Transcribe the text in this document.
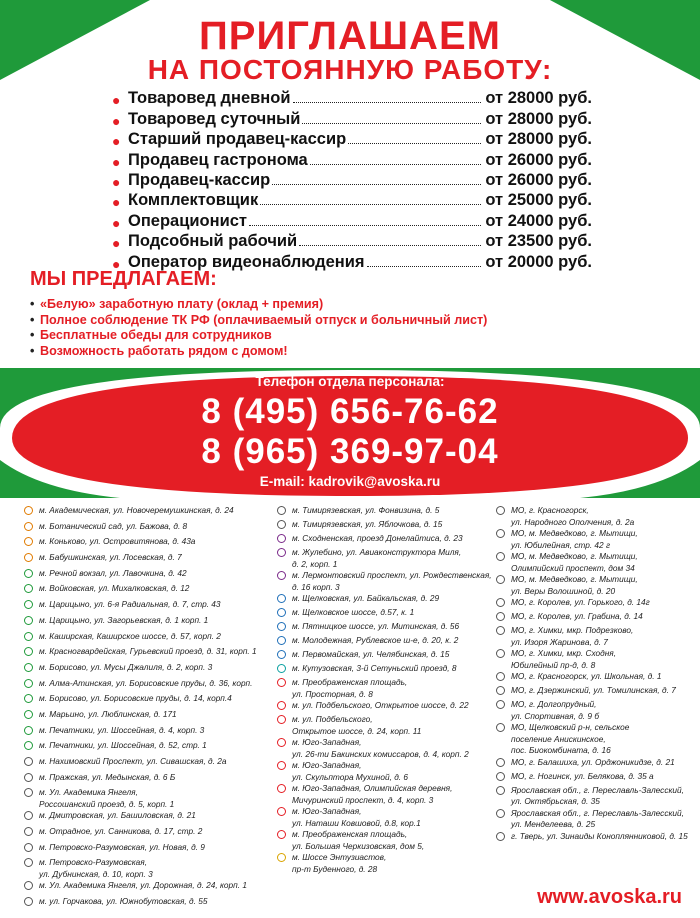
ПРИГЛАШАЕМ
НА ПОСТОЯННУЮ РАБОТУ:
● Товаровед дневной	от 28000 руб.
● Товаровед суточный	от 28000 руб.
● Старший продавец-кассир	от 28000 руб.
● Продавец гастронома	от 26000 руб.
● Продавец-кассир	от 26000 руб.
● Комплектовщик	от 25000 руб.
● Операционист	от 24000 руб.
● Подсобный рабочий	от 23500 руб.
● Оператор видеонаблюдения	от 20000 руб.
МЫ ПРЕДЛАГАЕМ:
• «Белую» заработную плату (оклад + премия)
• Полное соблюдение ТК РФ (оплачиваемый отпуск и больничный лист)
• Бесплатные обеды для сотрудников
• Возможность работать рядом с домом!
Телефон отдела персонала:
8 (495) 656-76-62
8 (965) 369-97-04
E-mail: kadrovik@avoska.ru
м. Академическая, ул. Новочеремушкинская, д. 24
м. Ботанический сад, ул. Бажова, д. 8
м. Коньково, ул. Островитянова, д. 43а
м. Бабушкинская, ул. Лосевская, д. 7
м. Речной вокзал, ул. Лавочкина, д. 42
м. Войковская, ул. Михалковская, д. 12
м. Царицыно, ул. 6-я Радиальная, д. 7, стр. 43
м. Царицыно, ул. Загорьевская, д. 1 корп. 1
м. Каширская, Каширское шоссе, д. 57, корп. 2
м. Красногвардейская, Гурьевский проезд, д. 31, корп. 1
м. Борисово, ул. Мусы Джалиля, д. 2, корп. 3
м. Алма-Атинская, ул. Борисовские пруды, д. 36, корп.
м. Борисово, ул. Борисовские пруды, д. 14, корп.4
м. Марьино, ул. Люблинская, д. 171
м. Печатники, ул. Шоссейная, д. 4, корп. 3
м. Печатники, ул. Шоссейная, д. 52, стр. 1
м. Нахимовский Проспект, ул. Сивашская, д. 2а
м. Пражская, ул. Медынская, д. 6 Б
м. Ул. Академика Янгеля,
Россошанский проезд, д. 5, корп. 1
м. Дмитровская, ул. Башиловская, д. 21
м. Отрадное, ул. Санникова, д. 17, стр. 2
м. Петровско-Разумовская, ул. Новая, д. 9
м. Петровско-Разумовская,
ул. Дубнинская, д. 10, корп. 3
м. Ул. Академика Янгеля, ул. Дорожная, д. 24, корп. 1
м. ул. Горчакова, ул. Южнобутовская, д. 55
м. Тимирязевская, ул. Фонвизина, д. 5
м. Тимирязевская, ул. Яблочкова, д. 15
м. Сходненская, проезд Донелайтиса, д. 23
м. Жулебино, ул. Авиаконструктора Миля,
д. 2, корп. 1
м. Лермонтовский проспект, ул. Рождественская,
д. 16 корп. 3
м. Щелковская, ул. Байкальская, д. 29
м. Щелковское шоссе, д.57, к. 1
м. Пятницкое шоссе, ул. Митинская, д. 56
м. Молодежная, Рублевское ш-е, д. 20, к. 2
м. Первомайская, ул. Челябинская, д. 15
м. Кутузовская, 3-й Сетуньский проезд, 8
м. Преображенская площадь,
ул. Просторная, д. 8
м. ул. Подбельского, Открытое шоссе, д. 22
м. ул. Подбельского,
Открытое шоссе, д. 24, корп. 11
м. Юго-Западная,
ул. 26-ти Бакинских комиссаров, д. 4, корп. 2
м. Юго-Западная,
ул. Скульптора Мухиной, д. 6
м. Юго-Западная, Олимпийская деревня,
Мичуринский проспект, д. 4, корп. 3
м. Юго-Западная,
ул. Наташи Ковшовой, д.8, кор.1
м. Преображенская площадь,
ул. Большая Черкизовская, дом 5,
м. Шоссе Энтузиастов,
пр-т Буденного, д. 28
МО, г. Красногорск,
ул. Народного Ополчения, д. 2а
МО, м. Медведково, г. Мытищи,
ул. Юбилейная, стр. 42 г
МО, м. Медведково, г. Мытищи,
Олимпийский проспект, дом 34
МО, м. Медведково, г. Мытищи,
ул. Веры Волошиной, д. 20
МО, г. Королев, ул. Горького, д. 14г
МО, г. Королев, ул. Грабина, д. 14
МО, г. Химки, мкр. Подрезково,
ул. Изоря Жариновa, д. 7
МО, г. Химки, мкр. Сходня,
Юбилейный пр-д, д. 8
МО, г. Красногорск, ул. Школьная, д. 1
МО, г. Дзержинский, ул. Томилинская, д. 7
МО, г. Долгопрудный,
ул. Спортивная, д. 9 б
МО, Щелковский р-н, сельское
поселение Анискинское,
пос. Биокомбината, д. 16
МО, г. Балашиха, ул. Орджоникидзе, д. 21
МО, г. Ногинск, ул. Белякова, д. 35 а
Ярославская обл., г. Переславль-Залесский,
ул. Октябрьская, д. 35
Ярославская обл., г. Переславль-Залесский,
ул. Менделеева, д. 25
г. Тверь, ул. Зинаиды Коноплянниковой, д. 15
www.avoska.ru
